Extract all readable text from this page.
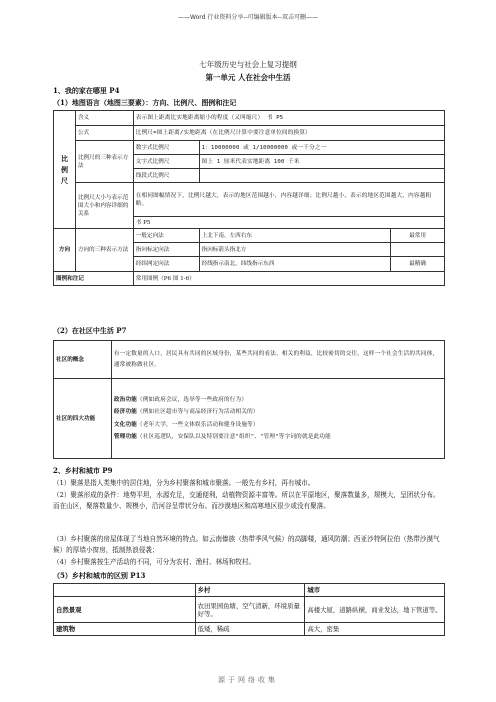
——Word 行业资料分享--可编辑版本--双击可删——
七年级历史与社会上复习提纲
第一单元 人在社会中生活
1、我的家在哪里 P4
（1）地图语言（地图三要素）：方向、比例尺、图例和注记
比
例
尺	含义	表示图上距离比实地距离缩小的程度（又叫缩尺） 书 P5		
	公式	比例尺=图上距离/实地距离（在比例尺计算中要注意单位间的换算）		
	比例尺的三种表示方法	数字式比例尺	1：10000000 或 1/10000000 或一千分之一	
		文字式比例尺	图上 1 厘米代表实地距离 100 千米	
		线段式比例尺		
	比例尺大小与表示范围大小和内容详细的关系	在相同图幅情况下，比例尺越大，表示的地区范围越小，内容越详细；比例尺越小，表示的地区范围越大，内容越粗略。		
		书 P5		
方向	方向的三种表示方法	一般定向法	上北下南，左西右东	最常用
		指向标定向法	指向标箭头指北方	
		经纬网定向法	经线指示南北，纬线指示东西	最精确
图例和注记		常用图例（P6 图 1-6）		
（2）在社区中生活 P7
社区的概念	有一定数量的人口，居民具有共同的区域身份，某些共同的看法，相关的利益，比较密切的交往。这样一个社会生活的共同体，通常被称做社区。
社区的四大功能	政治功能（例如政府会议，选举等一些政府的行为）
经济功能（例如社区超市等与商品经济行为活动相关的）
文化功能（老年大学，一些文体娱乐活动和健身设施等）
管理功能（社区巡逻队，安保队以及特别要注意"组织"、"管理"等字词的就是此功能
2、乡村和城市 P9
（1）聚落是指人类集中的居住地，分为乡村聚落和城市聚落。一般先有乡村，再有城市。
（2）聚落形成的条件：地势平坦，水源充足，交通便利，动植物资源丰富等。所以在平原地区，聚落数量多，规模大，呈团状分布。而在山区，聚落数量少、规模小，沿河谷呈带状分布。而沙漠地区和高寒地区很少或没有聚落。
（3）乡村聚落的房屋体现了当地自然环境的特点。如云南傣族（热带季风气候）的高脚楼，通风防潮；西亚沙特阿拉伯（热带沙漠气候）的厚墙小窗房，抵制热浪侵袭；
（4）乡村聚落按生产活动的不同，可分为农村、渔村、林场和牧村。
（5）乡村和城市的区别 P13
	乡村	城市
自然景观	农田果园鱼塘，空气清新，环境质量好等。	高楼大厦，道路纵横，商业发达，地下管道等。
建筑物	低矮，稀疏	高大，密集
源于网络收集
